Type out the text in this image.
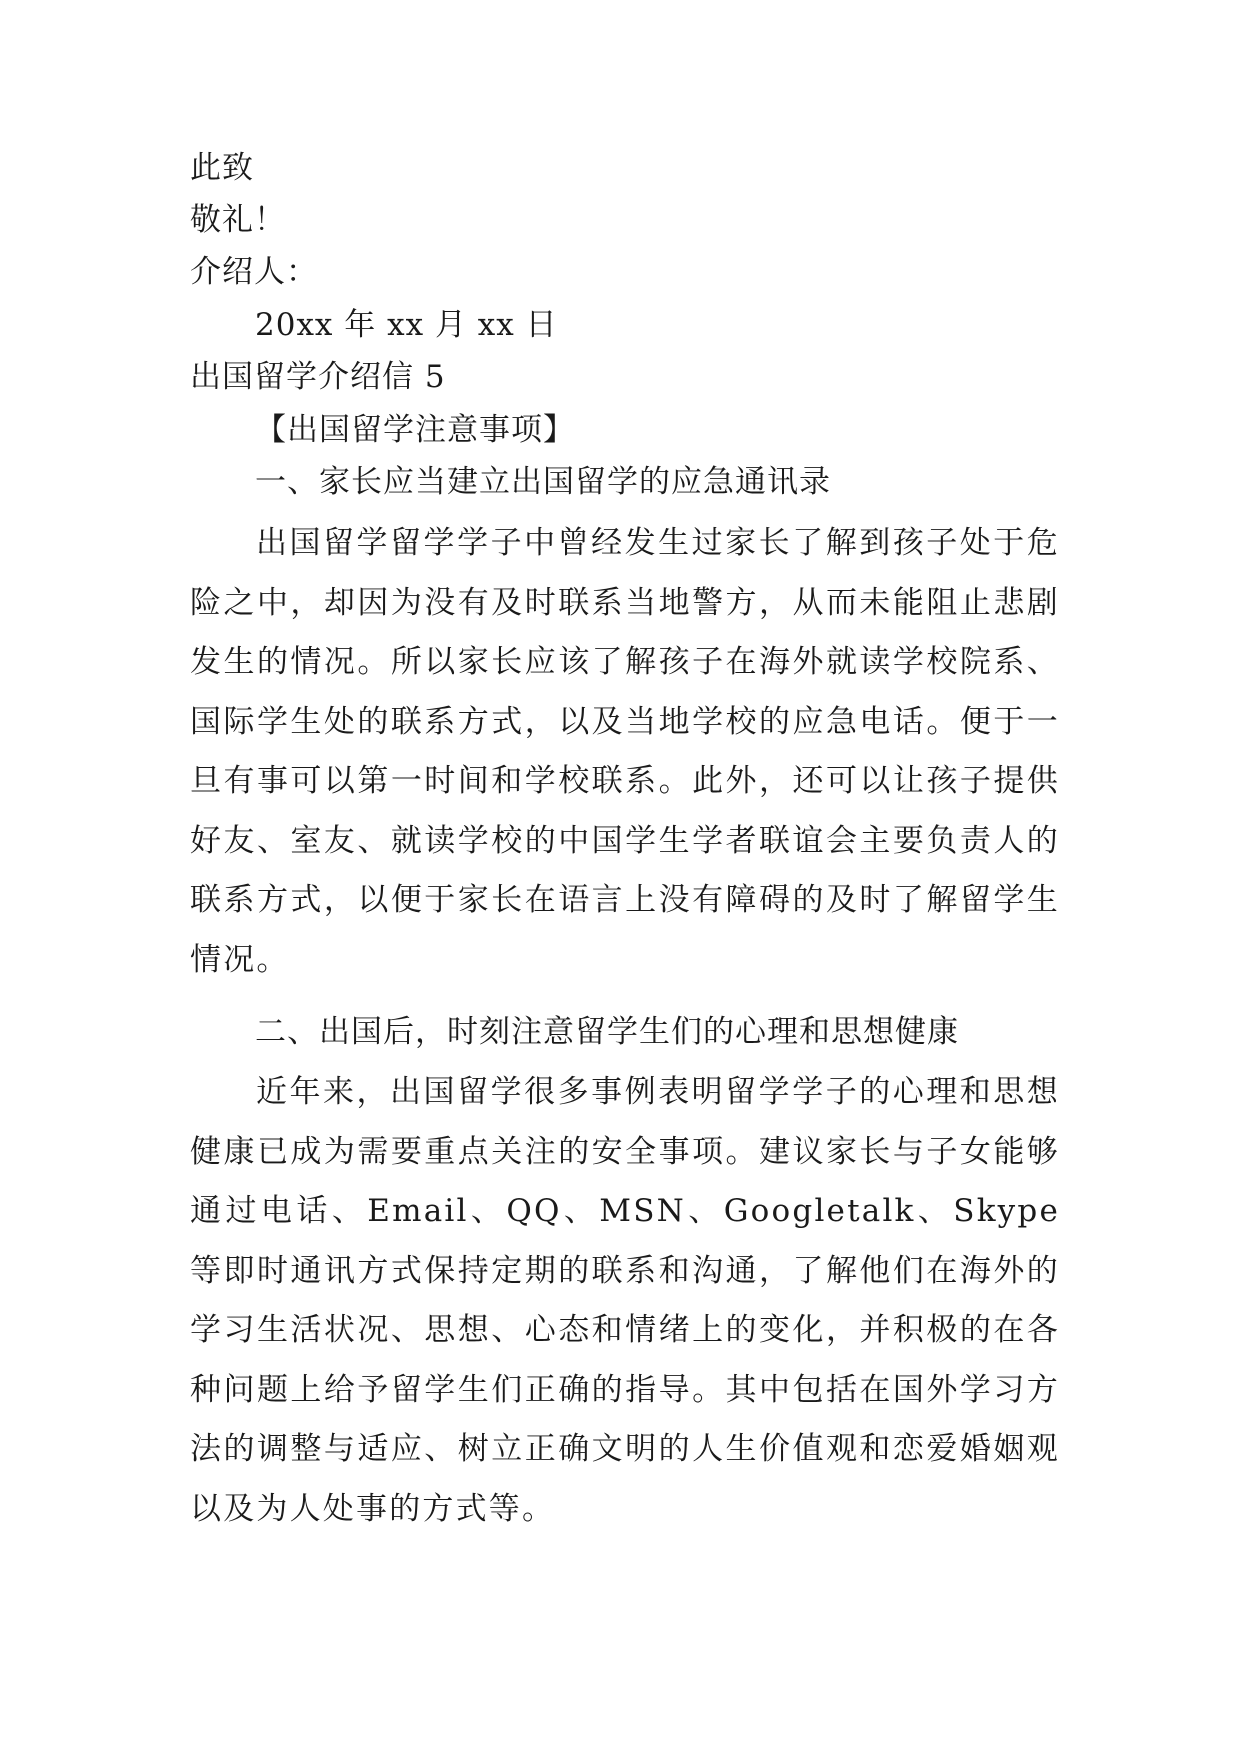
此致
敬礼！
介绍人：
20xx 年 xx 月 xx 日
出国留学介绍信 5
【出国留学注意事项】
一、家长应当建立出国留学的应急通讯录
出国留学留学学子中曾经发生过家长了解到孩子处于危险之中，却因为没有及时联系当地警方，从而未能阻止悲剧发生的情况。所以家长应该了解孩子在海外就读学校院系、国际学生处的联系方式，以及当地学校的应急电话。便于一旦有事可以第一时间和学校联系。此外，还可以让孩子提供好友、室友、就读学校的中国学生学者联谊会主要负责人的联系方式，以便于家长在语言上没有障碍的及时了解留学生情况。
二、出国后，时刻注意留学生们的心理和思想健康
近年来，出国留学很多事例表明留学学子的心理和思想健康已成为需要重点关注的安全事项。建议家长与子女能够通过电话、Email、QQ、MSN、Googletalk、Skype 等即时通讯方式保持定期的联系和沟通，了解他们在海外的学习生活状况、思想、心态和情绪上的变化，并积极的在各种问题上给予留学生们正确的指导。其中包括在国外学习方法的调整与适应、树立正确文明的人生价值观和恋爱婚姻观以及为人处事的方式等。
